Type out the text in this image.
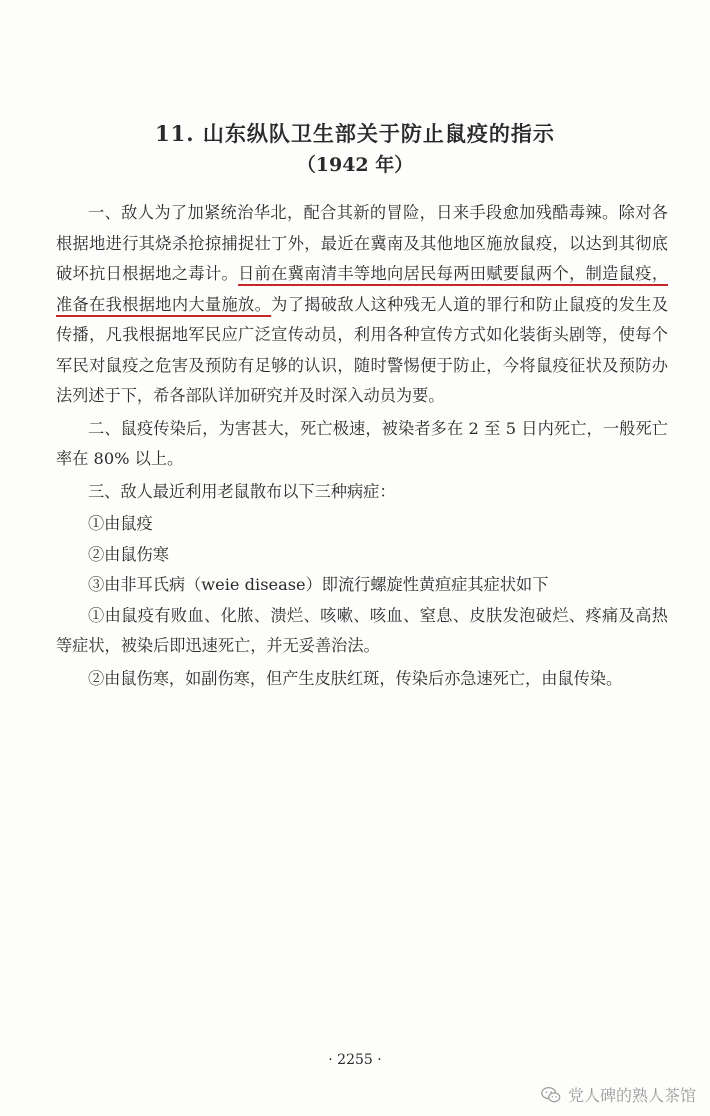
11. 山东纵队卫生部关于防止鼠疫的指示
（1942 年）

一、敌人为了加紧统治华北，配合其新的冒险，日来手段愈加残酷毒辣。除对各根据地进行其烧杀抢掠捕捉壮丁外，最近在冀南及其他地区施放鼠疫，以达到其彻底破坏抗日根据地之毒计。日前在冀南清丰等地向居民每两田赋要鼠两个，制造鼠疫，准备在我根据地内大量施放。为了揭破敌人这种残无人道的罪行和防止鼠疫的发生及传播，凡我根据地军民应广泛宣传动员，利用各种宣传方式如化装街头剧等，使每个军民对鼠疫之危害及预防有足够的认识，随时警惕便于防止，今将鼠疫征状及预防办法列述于下，希各部队详加研究并及时深入动员为要。

二、鼠疫传染后，为害甚大，死亡极速，被染者多在 2 至 5 日内死亡，一般死亡率在 80% 以上。

三、敌人最近利用老鼠散布以下三种病症：

①由鼠疫

②由鼠伤寒

③由非耳氏病（weie disease）即流行螺旋性黄疸症其症状如下

①由鼠疫有败血、化脓、溃烂、咳嗽、咳血、窒息、皮肤发泡破烂、疼痛及高热等症状，被染后即迅速死亡，并无妥善治法。

②由鼠伤寒，如副伤寒，但产生皮肤红斑，传染后亦急速死亡，由鼠传染。

· 2255 ·
党人碑的熟人茶馆
